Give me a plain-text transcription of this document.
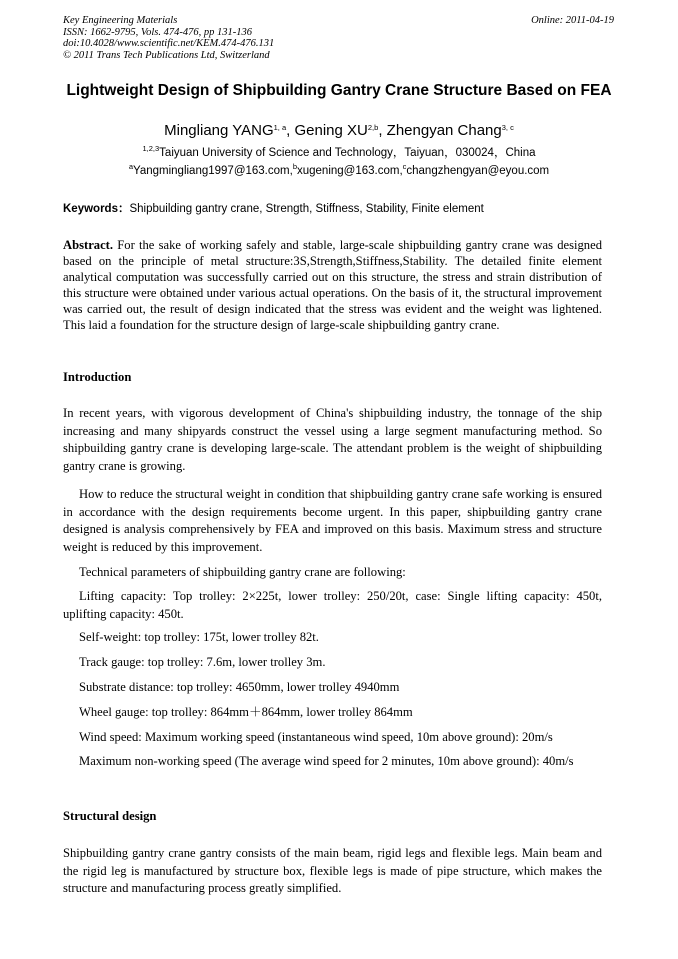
Key Engineering Materials
ISSN: 1662-9795, Vols. 474-476, pp 131-136
doi:10.4028/www.scientific.net/KEM.474-476.131
© 2011 Trans Tech Publications Ltd, Switzerland
Online: 2011-04-19
Lightweight Design of Shipbuilding Gantry Crane Structure Based on FEA
Mingliang YANG$^{1, a}$, Gening XU$^{2,b}$, Zhengyan Chang$^{3, c}$
$^{1,2,3}$Taiyuan University of Science and Technology，Taiyuan，030024，China
$^a$Yangmingliang1997@163.com,$^b$xugening@163.com,$^c$changzhengyan@eyou.com
Keywords：Shipbuilding gantry crane, Strength, Stiffness, Stability, Finite element
Abstract. For the sake of working safely and stable, large-scale shipbuilding gantry crane was designed based on the principle of metal structure:3S,Strength,Stiffness,Stability. The detailed finite element analytical computation was successfully carried out on this structure, the stress and strain distribution of this structure were obtained under various actual operations. On the basis of it, the structural improvement was carried out, the result of design indicated that the stress was evident and the weight was lightened. This laid a foundation for the structure design of large-scale shipbuilding gantry crane.
Introduction
In recent years, with vigorous development of China's shipbuilding industry, the tonnage of the ship increasing and many shipyards construct the vessel using a large segment manufacturing method. So shipbuilding gantry crane is developing large-scale. The attendant problem is the weight of shipbuilding gantry crane is growing.
How to reduce the structural weight in condition that shipbuilding gantry crane safe working is ensured in accordance with the design requirements become urgent. In this paper, shipbuilding gantry crane designed is analysis comprehensively by FEA and improved on this basis. Maximum stress and structure weight is reduced by this improvement.
Technical parameters of shipbuilding gantry crane are following:
Lifting capacity: Top trolley: 2×225t, lower trolley: 250/20t, case: Single lifting capacity: 450t, uplifting capacity: 450t.
Self-weight: top trolley: 175t, lower trolley 82t.
Track gauge: top trolley: 7.6m, lower trolley 3m.
Substrate distance: top trolley: 4650mm, lower trolley 4940mm
Wheel gauge: top trolley: 864mm＋864mm, lower trolley 864mm
Wind speed: Maximum working speed (instantaneous wind speed, 10m above ground): 20m/s
Maximum non-working speed (The average wind speed for 2 minutes, 10m above ground): 40m/s
Structural design
Shipbuilding gantry crane gantry consists of the main beam, rigid legs and flexible legs. Main beam and the rigid leg is manufactured by structure box, flexible legs is made of pipe structure, which makes the structure and manufacturing process greatly simplified.
